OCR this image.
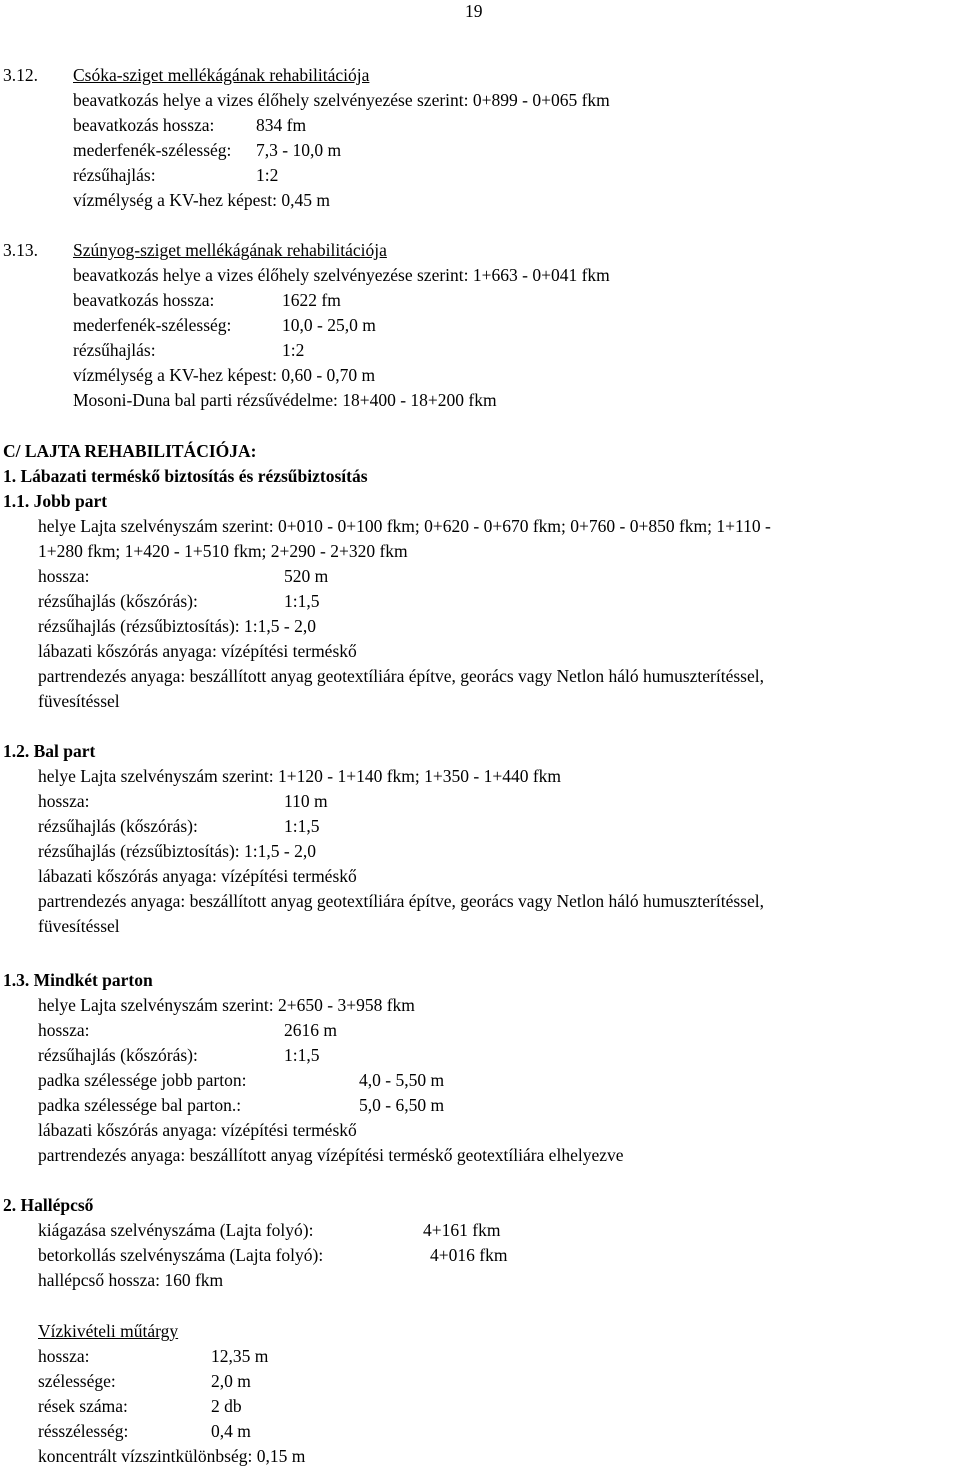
19
3.12. Csóka-sziget mellékágának rehabilitációja
beavatkozás helye a vizes élőhely szelvényezése szerint: 0+899 - 0+065 fkm
beavatkozás hossza: 834 fm
mederfenék-szélesség: 7,3 - 10,0 m
rézsűhajlás:	1:2
vízmélység a KV-hez képest: 0,45 m
3.13. Szúnyog-sziget mellékágának rehabilitációja
beavatkozás helye a vizes élőhely szelvényezése szerint: 1+663 - 0+041 fkm
beavatkozás hossza:	1622 fm
mederfenék-szélesség:	10,0 - 25,0 m
rézsűhajlás:	1:2
vízmélység a KV-hez képest: 0,60 - 0,70 m
Mosoni-Duna bal parti rézsűvédelme: 18+400 - 18+200 fkm
C/ LAJTA REHABILITÁCIÓJA:
1. Lábazati terméskő biztosítás és rézsűbiztosítás
1.1. Jobb part
helye Lajta szelvényszám szerint: 0+010 - 0+100 fkm; 0+620 - 0+670 fkm; 0+760 - 0+850 fkm; 1+110 -
1+280 fkm; 1+420 - 1+510 fkm; 2+290 - 2+320 fkm
hossza:	520 m
rézsűhajlás (kőszórás):	1:1,5
rézsűhajlás (rézsűbiztosítás): 1:1,5 - 2,0
lábazati kőszórás anyaga: vízépítési terméskő
partrendezés anyaga: beszállított anyag geotextíliára építve, georács vagy Netlon háló humuszterítéssel,
füvesítéssel
1.2. Bal part
helye Lajta szelvényszám szerint: 1+120 - 1+140 fkm; 1+350 - 1+440 fkm
hossza:	110 m
rézsűhajlás (kőszórás):	1:1,5
rézsűhajlás (rézsűbiztosítás): 1:1,5 - 2,0
lábazati kőszórás anyaga: vízépítési terméskő
partrendezés anyaga: beszállított anyag geotextíliára építve, georács vagy Netlon háló humuszterítéssel,
füvesítéssel
1.3. Mindkét parton
helye Lajta szelvényszám szerint: 2+650 - 3+958 fkm
hossza:	2616 m
rézsűhajlás (kőszórás):	1:1,5
padka szélessége jobb parton:	4,0 - 5,50 m
padka szélessége bal parton.:	5,0 - 6,50 m
lábazati kőszórás anyaga: vízépítési terméskő
partrendezés anyaga: beszállított anyag vízépítési terméskő geotextíliára elhelyezve
2. Hallépcső
kiágazása szelvényszáma (Lajta folyó):	4+161 fkm
betorkollás szelvényszáma (Lajta folyó):	4+016 fkm
hallépcső hossza: 160 fkm
Vízkivételi műtárgy
hossza:	12,35 m
szélessége:	2,0 m
rések száma:	2 db
résszélesség:	0,4 m
koncentrált vízszintkülönbség: 0,15 m
